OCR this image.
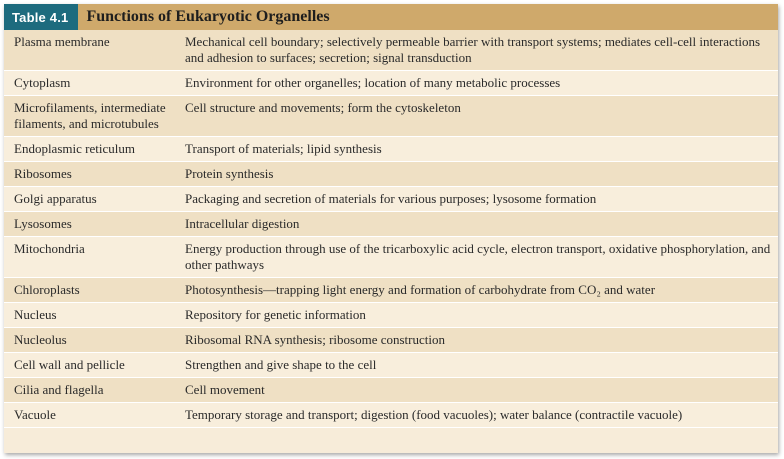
Table 4.1	Functions of Eukaryotic Organelles
Plasma membrane	Mechanical cell boundary; selectively permeable barrier with transport systems; mediates cell-cell interactions and adhesion to surfaces; secretion; signal transduction
Cytoplasm	Environment for other organelles; location of many metabolic processes
Microfilaments, intermediate filaments, and microtubules	Cell structure and movements; form the cytoskeleton
Endoplasmic reticulum	Transport of materials; lipid synthesis
Ribosomes	Protein synthesis
Golgi apparatus	Packaging and secretion of materials for various purposes; lysosome formation
Lysosomes	Intracellular digestion
Mitochondria	Energy production through use of the tricarboxylic acid cycle, electron transport, oxidative phosphorylation, and other pathways
Chloroplasts	Photosynthesis—trapping light energy and formation of carbohydrate from CO₂ and water
Nucleus	Repository for genetic information
Nucleolus	Ribosomal RNA synthesis; ribosome construction
Cell wall and pellicle	Strengthen and give shape to the cell
Cilia and flagella	Cell movement
Vacuole	Temporary storage and transport; digestion (food vacuoles); water balance (contractile vacuole)
